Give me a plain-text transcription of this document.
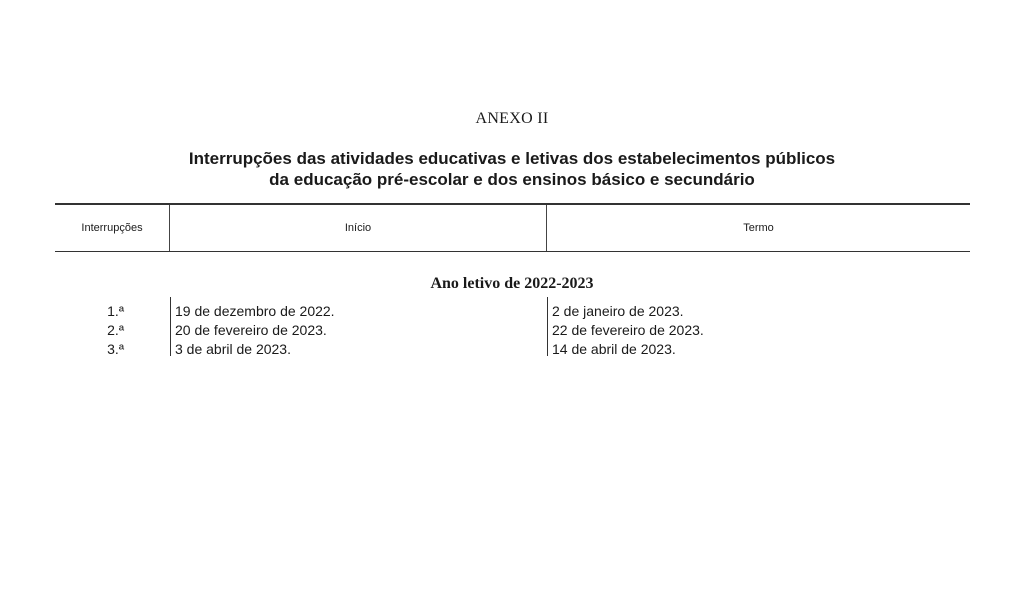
ANEXO II
Interrupções das atividades educativas e letivas dos estabelecimentos públicos
da educação pré-escolar e dos ensinos básico e secundário
Interrupções	Início	Termo
Ano letivo de 2022-2023
1.ª	19 de dezembro de 2022.	2 de janeiro de 2023.
2.ª	20 de fevereiro de 2023.	22 de fevereiro de 2023.
3.ª	3 de abril de 2023.	14 de abril de 2023.
